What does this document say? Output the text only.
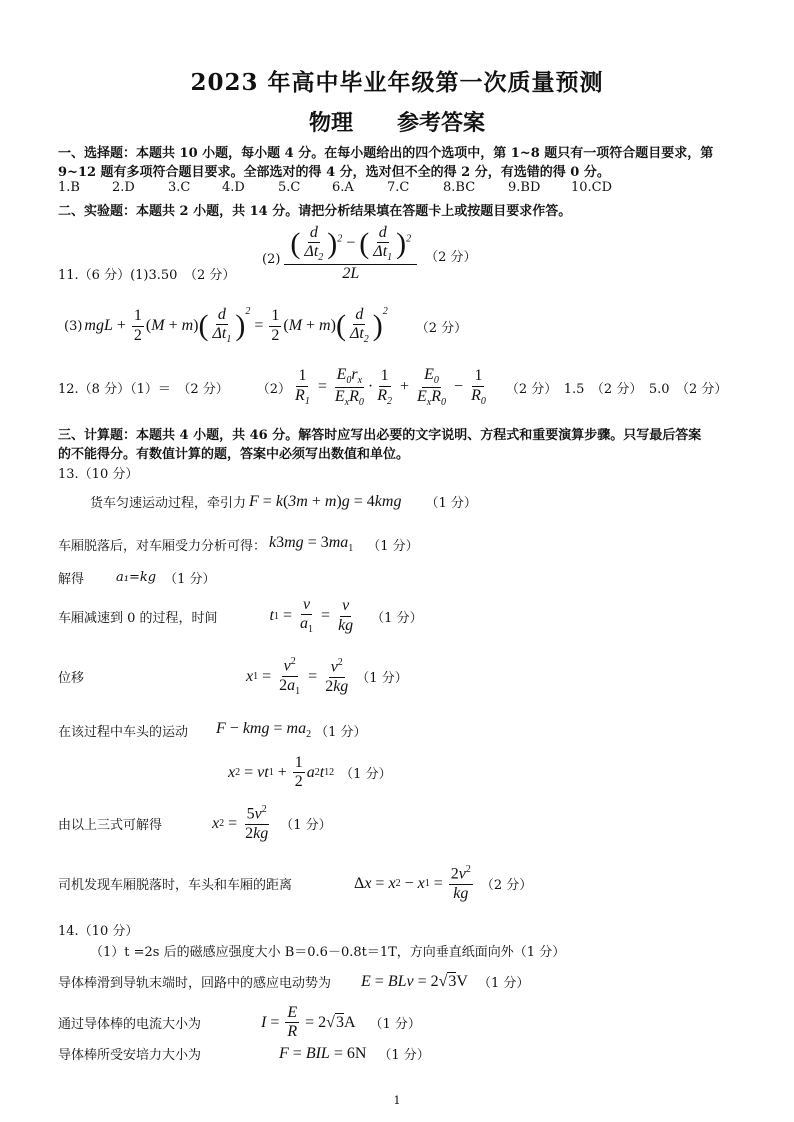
2023 年高中毕业年级第一次质量预测
物理　　参考答案
一、选择题：本题共 10 小题，每小题 4 分。在每小题给出的四个选项中，第 1~8 题只有一项符合题目要求，第
9~12 题有多项符合题目要求。全部选对的得 4 分，选对但不全的得 2 分，有选错的得 0 分。
1.B 2.D	3.C 4.D	5.C 6.A	7.C	8.BC	9.BD 10.CD
二、实验题：本题共 2 小题，共 14 分。请把分析结果填在答题卡上或按题目要求作答。
11.（6 分）(1)3.50　（2 分）
$(2) \frac{( \frac{d}{\Delta t_2} )^2 - ( \frac{d}{\Delta t_1} )^2}{2L} (2$ 分）
(3) mgL + $\frac{1}{2}$ ( M + m ) ( $\frac{d}{\Delta t_1} )^2$
= $\frac{1}{2}$ ( M + m ) ( $\frac{d}{\Delta t_2} )^2$
（2 分）
12.（8 分）（1）＝　（2 分） $(2) \frac{1}{R_1} = \frac{E_0r_x}{E_xR_0} \cdot \frac{1}{R_2} + \frac{E_0}{E_xR_0} - \frac{1}{R_0} (2$ 分）　1.5　（2 分）　5.0　（2 分）
三、计算题：本题共 4 小题，共 46 分。解答时应写出必要的文字说明、方程式和重要演算步骤。只写最后答案
的不能得分。有数值计算的题，答案中必须写出数值和单位。
13.（10 分）
货车匀速运动过程，牵引力 F = k(3m + m)g = 4kmg （1 分）
车厢脱落后，对车厢受力分析可得： $k3mg = 3ma_1$ （1 分）
解得 a₁=kg （1 分）
车厢减速到 0 的过程，时间	t $1 = \frac{v}{a_1} = \frac{v}{kg} (1$ 分）
位移	x $1 = \frac{v^2}{2a_1} = \frac{v^2}{2kg} (1$ 分）
在该过程中车头的运动 F − kmg = $ma_2$ （1 分）
x 2 = vt $1 + \frac{1}{2}$ a 2 t 1 2 （1 分）
由以上三式可解得	x $2 = \frac{5v^2}{2kg} (1$ 分）
司机发现车厢脱落时，车头和车厢的距离	Δ x = x 2 − x $1 = \frac{2v^2}{kg} (2$ 分）
14.（10 分）
（1）t =2s 后的磁感应强度大小 B＝0.6－0.8t＝1T，方向垂直纸面向外（1 分）
导体棒滑到导轨末端时，回路中的感应电动势为 E = BLv = 2√3V （1 分）
通过导体棒的电流大小为	$I = \frac{E}{R} = 2√3A$ （1 分）
导体棒所受安培力大小为	F = BIL = 6N （1 分）
1
